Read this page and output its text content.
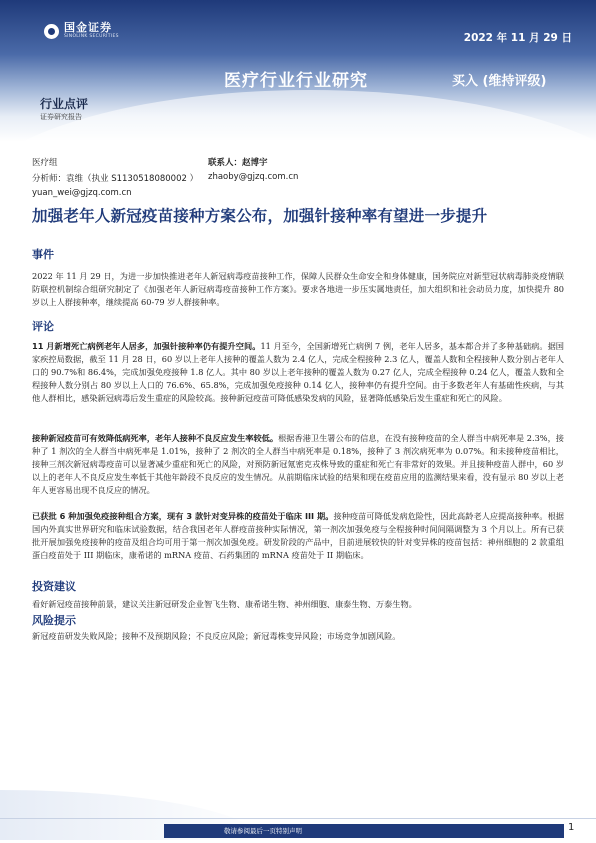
国金证券
SINOLINK SECURITIES	2022 年 11 月 29 日
医疗行业行业研究	买入 (维持评级)
行业点评
证券研究报告
医疗组	联系人：赵博宇
分析师：袁维（执业 S1130518080002 ） zhaoby@gjzq.com.cn
yuan_wei@gjzq.com.cn
加强老年人新冠疫苗接种方案公布，加强针接种率有望进一步提升
事件

2022 年 11 月 29 日，为进一步加快推进老年人新冠病毒疫苗接种工作，保障人民群众生命安全和身体健康，国务院应对新型冠状病毒肺炎疫情联防联控机制综合组研究制定了《加强老年人新冠病毒疫苗接种工作方案》。要求各地进一步压实属地责任，加大组织和社会动员力度，加快提升 80 岁以上人群接种率，继续提高 60-79 岁人群接种率。

评论

11 月新增死亡病例老年人居多，加强针接种率仍有提升空间。11 月至今，全国新增死亡病例 7 例，老年人居多，基本都合并了多种基础病。据国家疾控局数据，截至 11 月 28 日，60 岁以上老年人接种的覆盖人数为 2.4 亿人，完成全程接种 2.3 亿人，覆盖人数和全程接种人数分别占老年人口的 90.7%和 86.4%，完成加强免疫接种 1.8 亿人。其中 80 岁以上老年接种的覆盖人数为 0.27 亿人，完成全程接种 0.24 亿人，覆盖人数和全程接种人数分别占 80 岁以上人口的 76.6%、65.8%，完成加强免疫接种 0.14 亿人，接种率仍有提升空间。由于多数老年人有基础性疾病，与其他人群相比，感染新冠病毒后发生重症的风险较高。接种新冠疫苗可降低感染发病的风险，显著降低感染后发生重症和死亡的风险。

接种新冠疫苗可有效降低病死率，老年人接种不良反应发生率较低。根据香港卫生署公布的信息，在没有接种疫苗的全人群当中病死率是 2.3%，接种了 1 剂次的全人群当中病死率是 1.01%，接种了 2 剂次的全人群当中病死率是 0.18%，接种了 3 剂次病死率为 0.07%。和未接种疫苗相比，接种三剂次新冠病毒疫苗可以显著减少重症和死亡的风险，对预防新冠氪密克戎株导致的重症和死亡有非常好的效果。并且接种疫苗人群中，60 岁以上的老年人不良反应发生率低于其他年龄段不良反应的发生情况。从前期临床试验的结果和现在疫苗应用的监测结果来看，没有显示 80 岁以上老年人更容易出现不良反应的情况。

已获批 6 种加强免疫接种组合方案，现有 3 款针对变异株的疫苗处于临床 III 期。接种疫苗可降低发病危险性，因此高龄老人应提高接种率。根据国内外真实世界研究和临床试验数据，结合我国老年人群疫苗接种实际情况，第一剂次加强免疫与全程接种时间间隔调整为 3 个月以上。所有已获批开展加强免疫接种的疫苗及组合均可用于第一剂次加强免疫。研发阶段的产品中，目前进展较快的针对变异株的疫苗包括：神州细胞的 2 款重组蛋白疫苗处于 III 期临床，康希诺的 mRNA 疫苗、石药集团的 mRNA 疫苗处于 II 期临床。

投资建议

看好新冠疫苗接种前景，建议关注新冠研发企业智飞生物、康希诺生物、神州细胞、康泰生物、万泰生物。

风险提示

新冠疫苗研发失败风险；接种不及预期风险；不良反应风险；新冠毒株变异风险；市场竞争加剧风险。

敬请参阅最后一页特别声明	1
